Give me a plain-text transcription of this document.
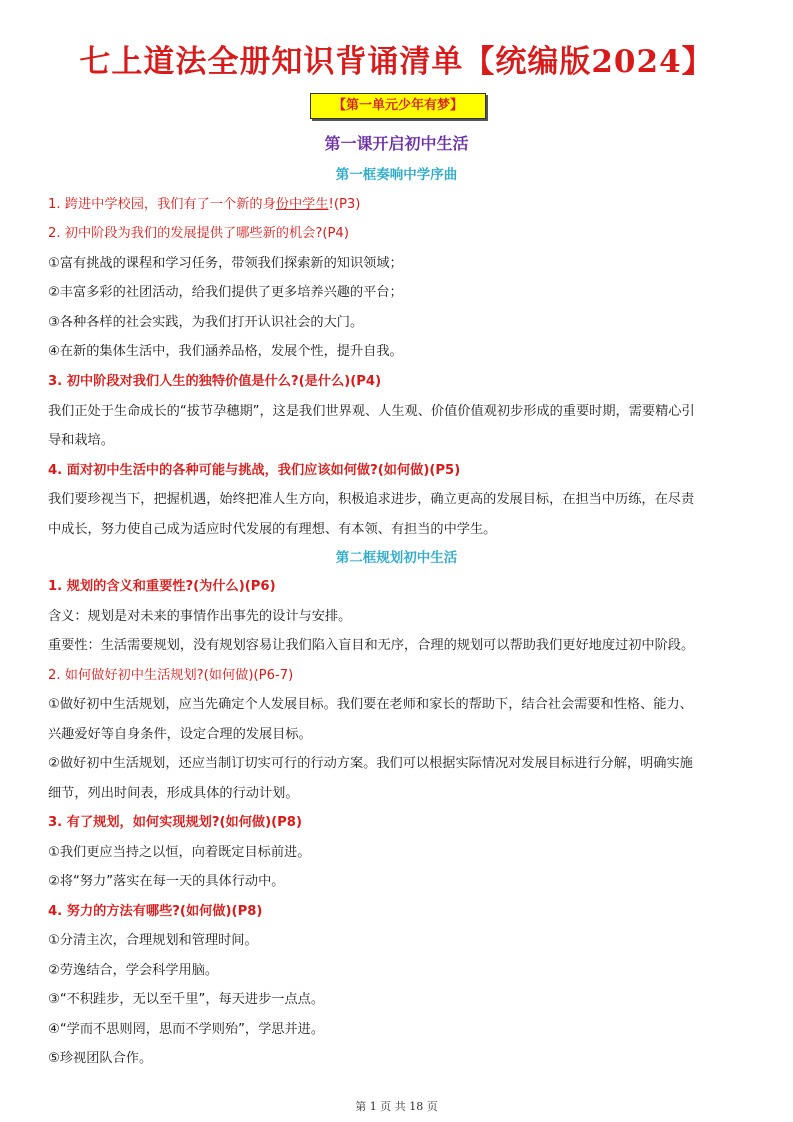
七上道法全册知识背诵清单【统编版2024】
【第一单元少年有梦】
第一课开启初中生活
第一框奏响中学序曲
1. 跨进中学校园，我们有了一个新的身份中学生!(P3)
2. 初中阶段为我们的发展提供了哪些新的机会?(P4)
①富有挑战的课程和学习任务，带领我们探索新的知识领域；
②丰富多彩的社团活动，给我们提供了更多培养兴趣的平台；
③各种各样的社会实践，为我们打开认识社会的大门。
④在新的集体生活中，我们涵养品格，发展个性，提升自我。
3. 初中阶段对我们人生的独特价值是什么?(是什么)(P4)
我们正处于生命成长的“拔节孕穗期”，这是我们世界观、人生观、价值价值观初步形成的重要时期，需要精心引
导和栽培。
4. 面对初中生活中的各种可能与挑战，我们应该如何做?(如何做)(P5)
我们要珍视当下，把握机遇，始终把准人生方向，积极追求进步，确立更高的发展目标，在担当中历练，在尽责
中成长，努力使自己成为适应时代发展的有理想、有本领、有担当的中学生。
第二框规划初中生活
1. 规划的含义和重要性?(为什么)(P6)
含义：规划是对未来的事情作出事先的设计与安排。
重要性：生活需要规划，没有规划容易让我们陷入盲目和无序，合理的规划可以帮助我们更好地度过初中阶段。
2. 如何做好初中生活规划?(如何做)(P6-7)
①做好初中生活规划，应当先确定个人发展目标。我们要在老师和家长的帮助下，结合社会需要和性格、能力、
兴趣爱好等自身条件，设定合理的发展目标。
②做好初中生活规划，还应当制订切实可行的行动方案。我们可以根据实际情况对发展目标进行分解，明确实施
细节，列出时间表，形成具体的行动计划。
3. 有了规划，如何实现规划?(如何做)(P8)
①我们更应当持之以恒，向着既定目标前进。
②将“努力”落实在每一天的具体行动中。
4. 努力的方法有哪些?(如何做)(P8)
①分清主次，合理规划和管理时间。
②劳逸结合，学会科学用脑。
③“不积跬步，无以至千里”，每天进步一点点。
④“学而不思则罔，思而不学则殆”，学思并进。
⑤珍视团队合作。
第 1 页 共 18 页
